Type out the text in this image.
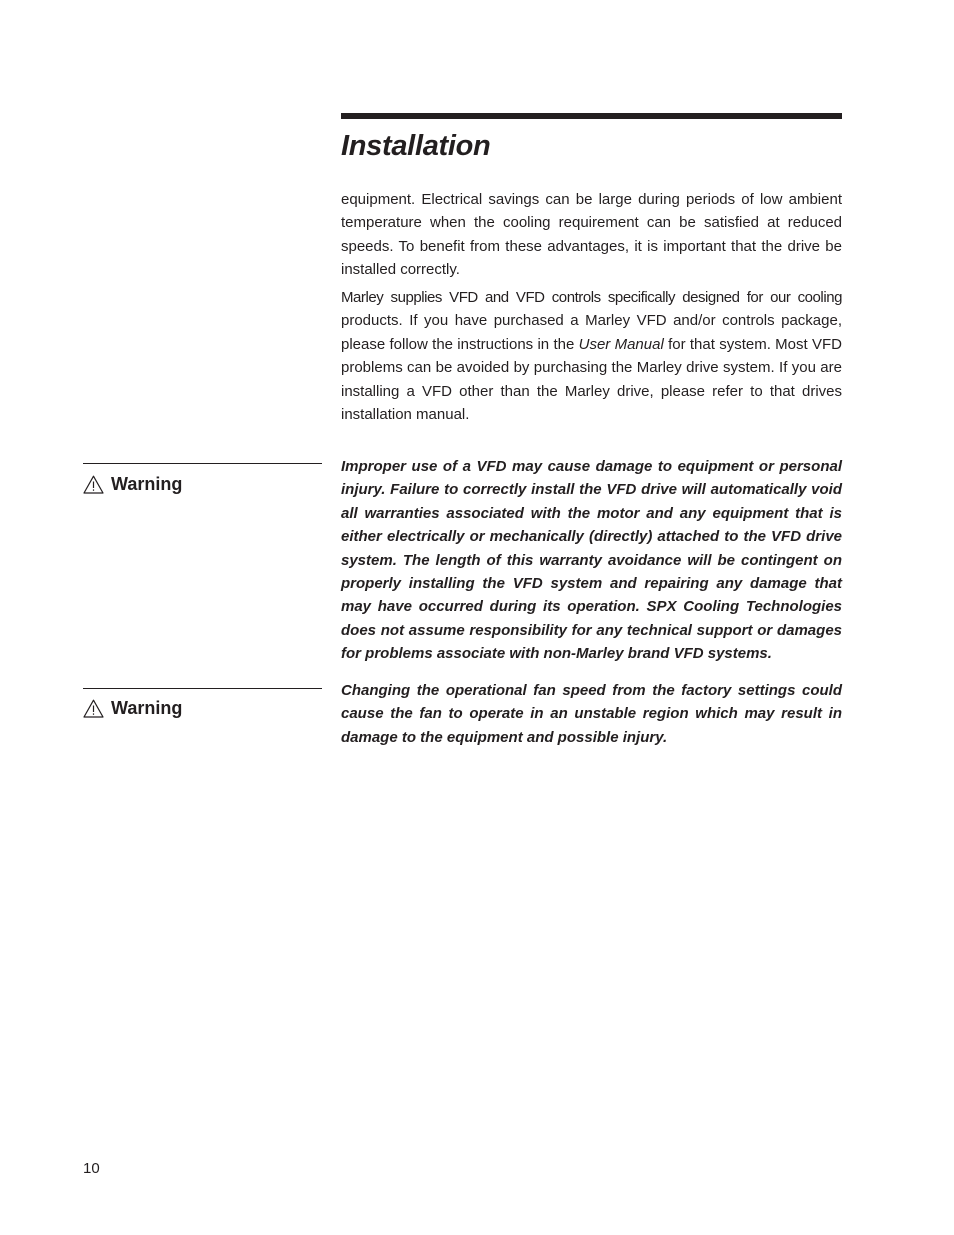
Installation

equipment. Electrical savings can be large during periods of low ambient temperature when the cooling requirement can be satisfied at reduced speeds. To benefit from these advantages, it is important that the drive be installed correctly.

Marley supplies VFD and VFD controls specifically designed for our cooling products. If you have purchased a Marley VFD and/or controls package, please follow the instructions in the User Manual for that system. Most VFD problems can be avoided by purchasing the Marley drive system. If you are installing a VFD other than the Marley drive, please refer to that drives installation manual.

Warning

Improper use of a VFD may cause damage to equipment or personal injury. Failure to correctly install the VFD drive will automatically void all warranties associated with the motor and any equipment that is either electrically or mechanically (directly) attached to the VFD drive system. The length of this warranty avoidance will be contingent on properly installing the VFD system and repairing any damage that may have occurred during its operation. SPX Cooling Technologies does not assume responsibility for any technical support or damages for problems associate with non-Marley brand VFD systems.

Warning

Changing the operational fan speed from the factory settings could cause the fan to operate in an unstable region which may result in damage to the equipment and possible injury.

10
